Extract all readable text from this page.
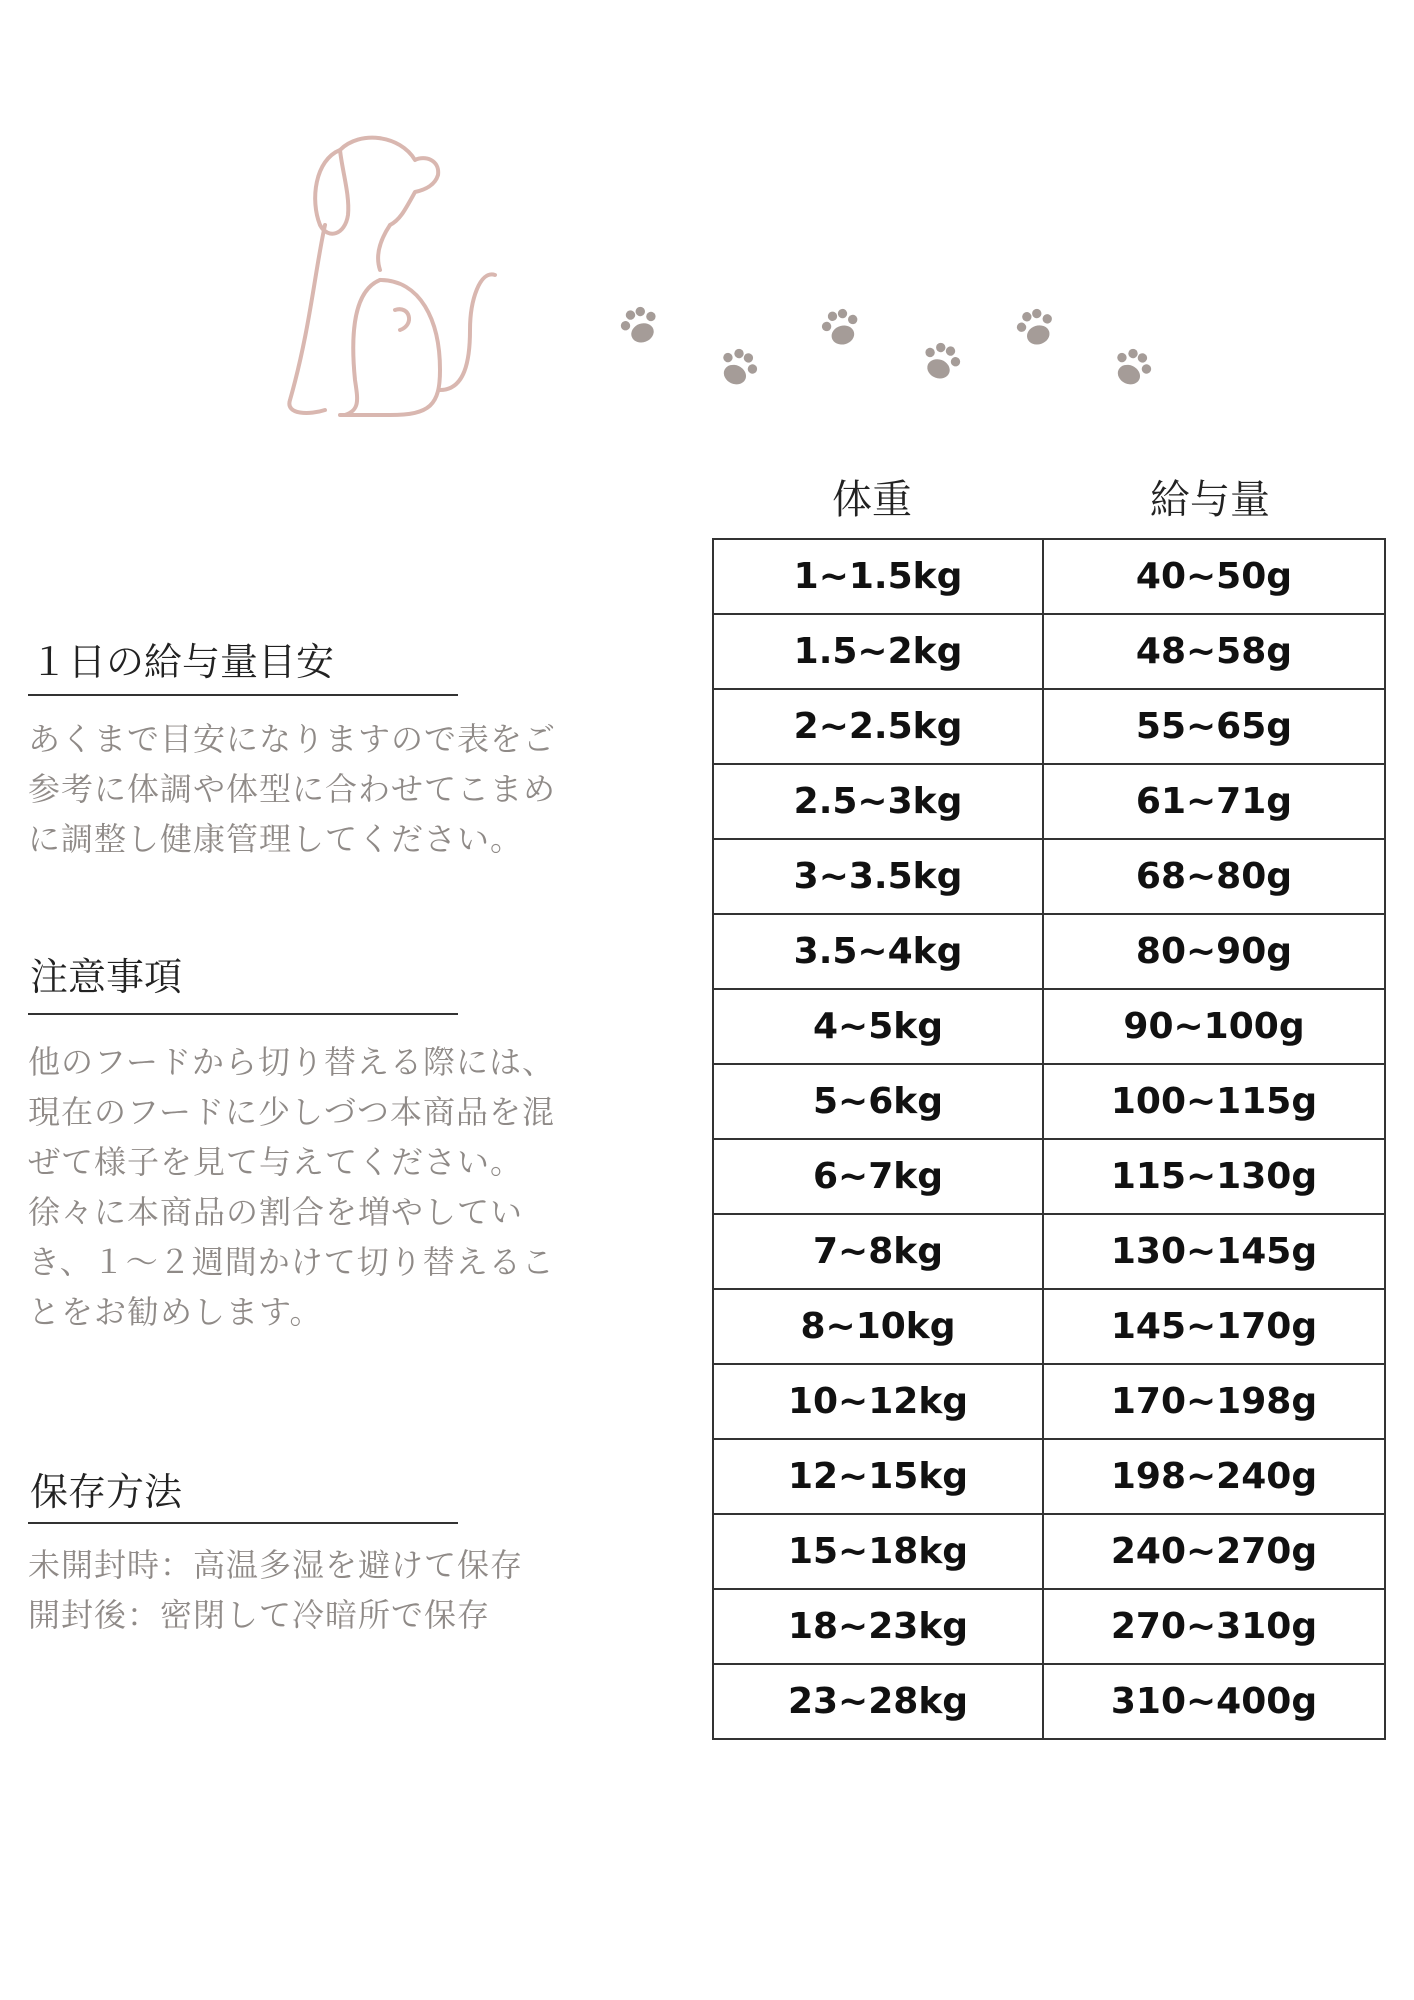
１日の給与量目安

あくまで目安になりますので表をご

参考に体調や体型に合わせてこまめ

に調整し健康管理してください。

注意事項

他のフードから切り替える際には、

現在のフードに少しづつ本商品を混

ぜて様子を見て与えてください。

徐々に本商品の割合を増やしてい

き、１〜２週間かけて切り替えるこ

とをお勧めします。

保存方法

未開封時：高温多湿を避けて保存

開封後：密閉して冷暗所で保存

体重	給与量
1~1.5kg	40~50g
1.5~2kg	48~58g
2~2.5kg	55~65g
2.5~3kg	61~71g
3~3.5kg	68~80g
3.5~4kg	80~90g
4~5kg	90~100g
5~6kg	100~115g
6~7kg	115~130g
7~8kg	130~145g
8~10kg	145~170g
10~12kg	170~198g
12~15kg	198~240g
15~18kg	240~270g
18~23kg	270~310g
23~28kg	310~400g
